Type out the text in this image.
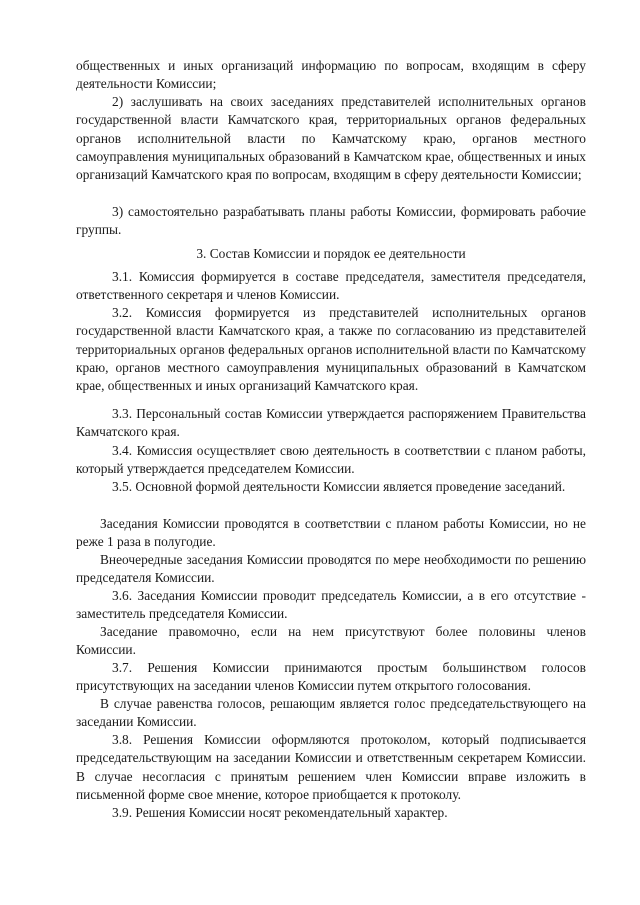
общественных и иных организаций информацию по вопросам, входящим в сферу деятельности Комиссии;

2) заслушивать на своих заседаниях представителей исполнительных органов государственной власти Камчатского края, территориальных органов федеральных органов исполнительной власти по Камчатскому краю, органов местного самоуправления муниципальных образований в Камчатском крае, общественных и иных организаций Камчатского края по вопросам, входящим в сферу деятельности Комиссии;

3) самостоятельно разрабатывать планы работы Комиссии, формировать рабочие группы.

3. Состав Комиссии и порядок ее деятельности

3.1. Комиссия формируется в составе председателя, заместителя председателя, ответственного секретаря и членов Комиссии.

3.2. Комиссия формируется из представителей исполнительных органов государственной власти Камчатского края, а также по согласованию из представителей территориальных органов федеральных органов исполнительной власти по Камчатскому краю, органов местного самоуправления муниципальных образований в Камчатском крае, общественных и иных организаций Камчатского края.

3.3. Персональный состав Комиссии утверждается распоряжением Правительства Камчатского края.

3.4. Комиссия осуществляет свою деятельность в соответствии с планом работы, который утверждается председателем Комиссии.

3.5. Основной формой деятельности Комиссии является проведение заседаний.

Заседания Комиссии проводятся в соответствии с планом работы Комиссии, но не реже 1 раза в полугодие.

Внеочередные заседания Комиссии проводятся по мере необходимости по решению председателя Комиссии.

3.6. Заседания Комиссии проводит председатель Комиссии, а в его отсутствие - заместитель председателя Комиссии.

Заседание правомочно, если на нем присутствуют более половины членов Комиссии.

3.7. Решения Комиссии принимаются простым большинством голосов присутствующих на заседании членов Комиссии путем открытого голосования.

В случае равенства голосов, решающим является голос председательствующего на заседании Комиссии.

3.8. Решения Комиссии оформляются протоколом, который подписывается председательствующим на заседании Комиссии и ответственным секретарем Комиссии. В случае несогласия с принятым решением член Комиссии вправе изложить в письменной форме свое мнение, которое приобщается к протоколу.

3.9. Решения Комиссии носят рекомендательный характер.
